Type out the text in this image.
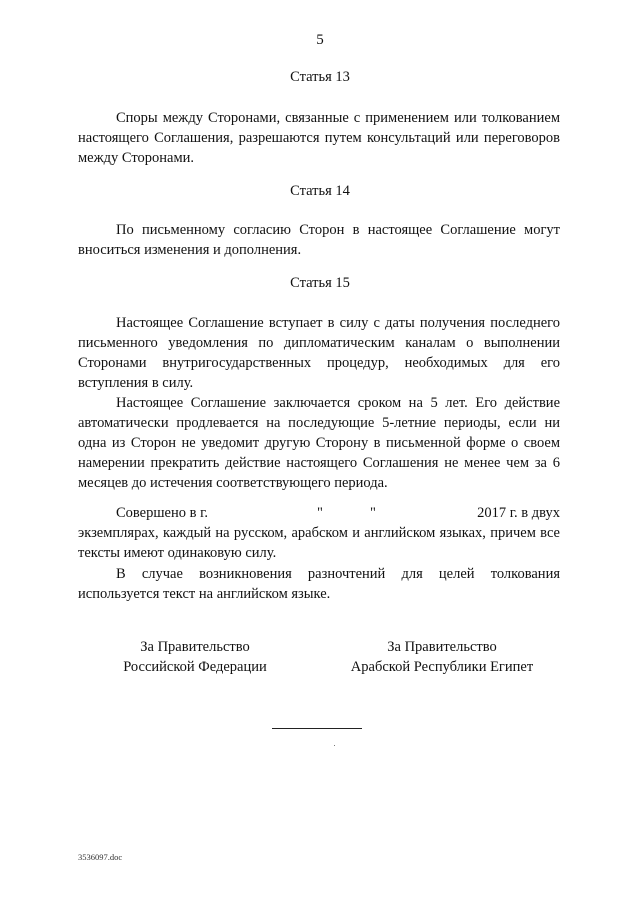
5
Статья 13

Споры между Сторонами, связанные с применением или толкованием настоящего Соглашения, разрешаются путем консультаций или переговоров между Сторонами.

Статья 14

По письменному согласию Сторон в настоящее Соглашение могут вноситься изменения и дополнения.

Статья 15

Настоящее Соглашение вступает в силу с даты получения последнего письменного уведомления по дипломатическим каналам о выполнении Сторонами внутригосударственных процедур, необходимых для его вступления в силу.

Настоящее Соглашение заключается сроком на 5 лет. Его действие автоматически продлевается на последующие 5-летние периоды, если ни одна из Сторон не уведомит другую Сторону в письменной форме о своем намерении прекратить действие настоящего Соглашения не менее чем за 6 месяцев до истечения соответствующего периода.

Совершено в г.	"	"	2017 г. в двух

экземплярах, каждый на русском, арабском и английском языках, причем все тексты имеют одинаковую силу.

В случае возникновения разночтений для целей толкования используется текст на английском языке.

За Правительство
Российской Федерации
За Правительство
Арабской Республики Египет
3536097.doc
